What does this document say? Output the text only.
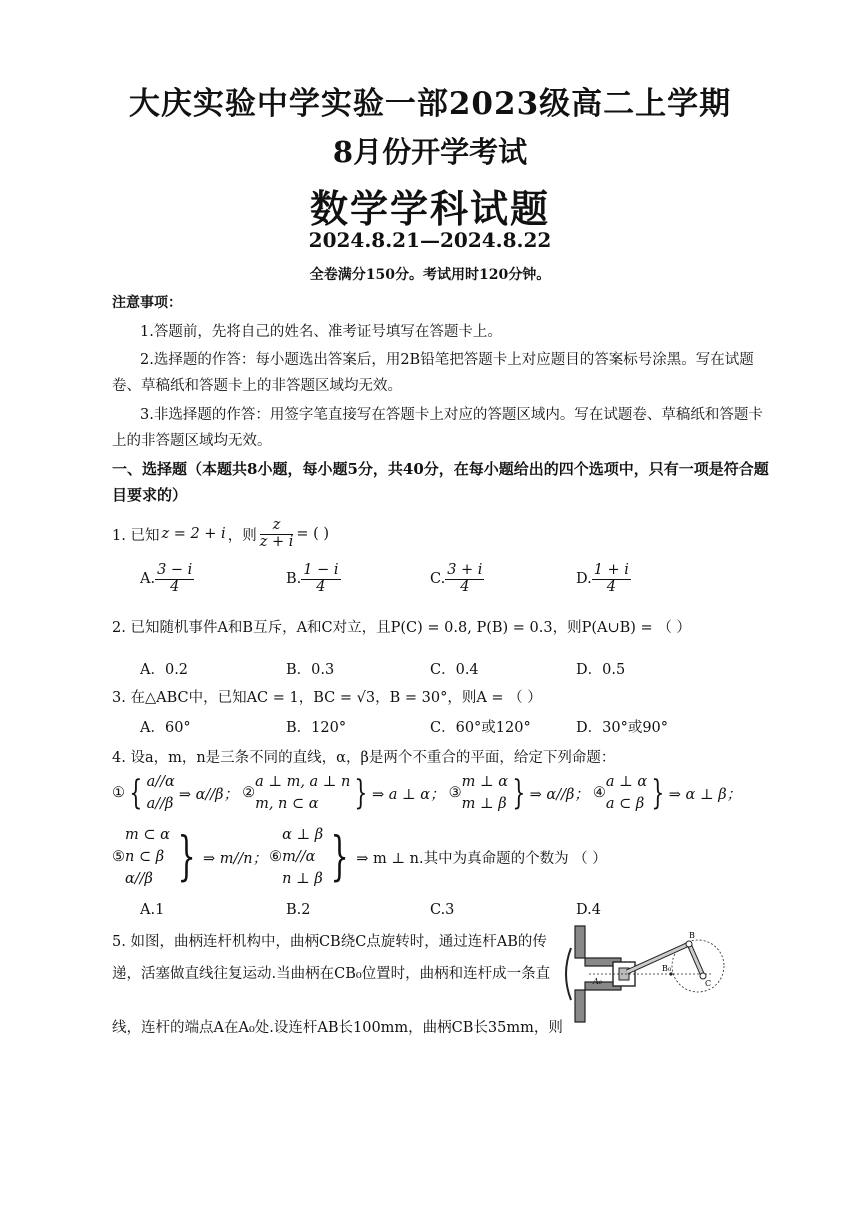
大庆实验中学实验一部2023级高二上学期
8月份开学考试
数学学科试题
2024.8.21—2024.8.22
全卷满分150分。考试用时120分钟。
注意事项：
1.答题前，先将自己的姓名、准考证号填写在答题卡上。
2.选择题的作答：每小题选出答案后，用2B铅笔把答题卡上对应题目的答案标号涂黑。写在试题
卷、草稿纸和答题卡上的非答题区域均无效。
3.非选择题的作答：用签字笔直接写在答题卡上对应的答题区域内。写在试题卷、草稿纸和答题卡
上的非答题区域均无效。
一、选择题（本题共8小题，每小题5分，共40分，在每小题给出的四个选项中，只有一项是符合题
目要求的）
1. 已知 z = 2 + i ，则 $\frac{z}{z + i}$ = ( )
A. $\frac{3 - i}{4}$	B. $\frac{1 - i}{4}$	C. $\frac{3 + i}{4}$	D. $\frac{1 + i}{4}$
2. 已知随机事件A和B互斥，A和C对立，且P(C) = 0.8, P(B) = 0.3，则P(A∪B) = （ ）
A．0.2	B．0.3	C．0.4	D．0.5
3. 在△ABC中，已知AC = 1，BC = √3，B = 30°，则A = （ ）
A．60°	B．120°	C．60°或120°	D．30°或90°
4. 设a，m，n是三条不同的直线，α，β是两个不重合的平面，给定下列命题：
① { a//α
a//β
⇒ α//β； ②
a ⊥ m, a ⊥ n
m, n ⊂ α	} ⇒ a ⊥ α； ③
m ⊥ α
m ⊥ β } ⇒ α//β； ④
a ⊥ α
a ⊂ β } ⇒ α ⊥ β；
⑤
m ⊂ α
n ⊂ β
α//β } ⇒ m//n； ⑥
α ⊥ β
m//α
n ⊥ β } ⇒ m ⊥ n.其中为真命题的个数为 （ ）
A.1	B.2	C.3	D.4
5. 如图，曲柄连杆机构中，曲柄CB绕C点旋转时，通过连杆AB的传
递，活塞做直线往复运动.当曲柄在CB₀位置时，曲柄和连杆成一条直
线，连杆的端点A在A₀处.设连杆AB长100mm，曲柄CB长35mm，则
A₀
B
B₀
C
